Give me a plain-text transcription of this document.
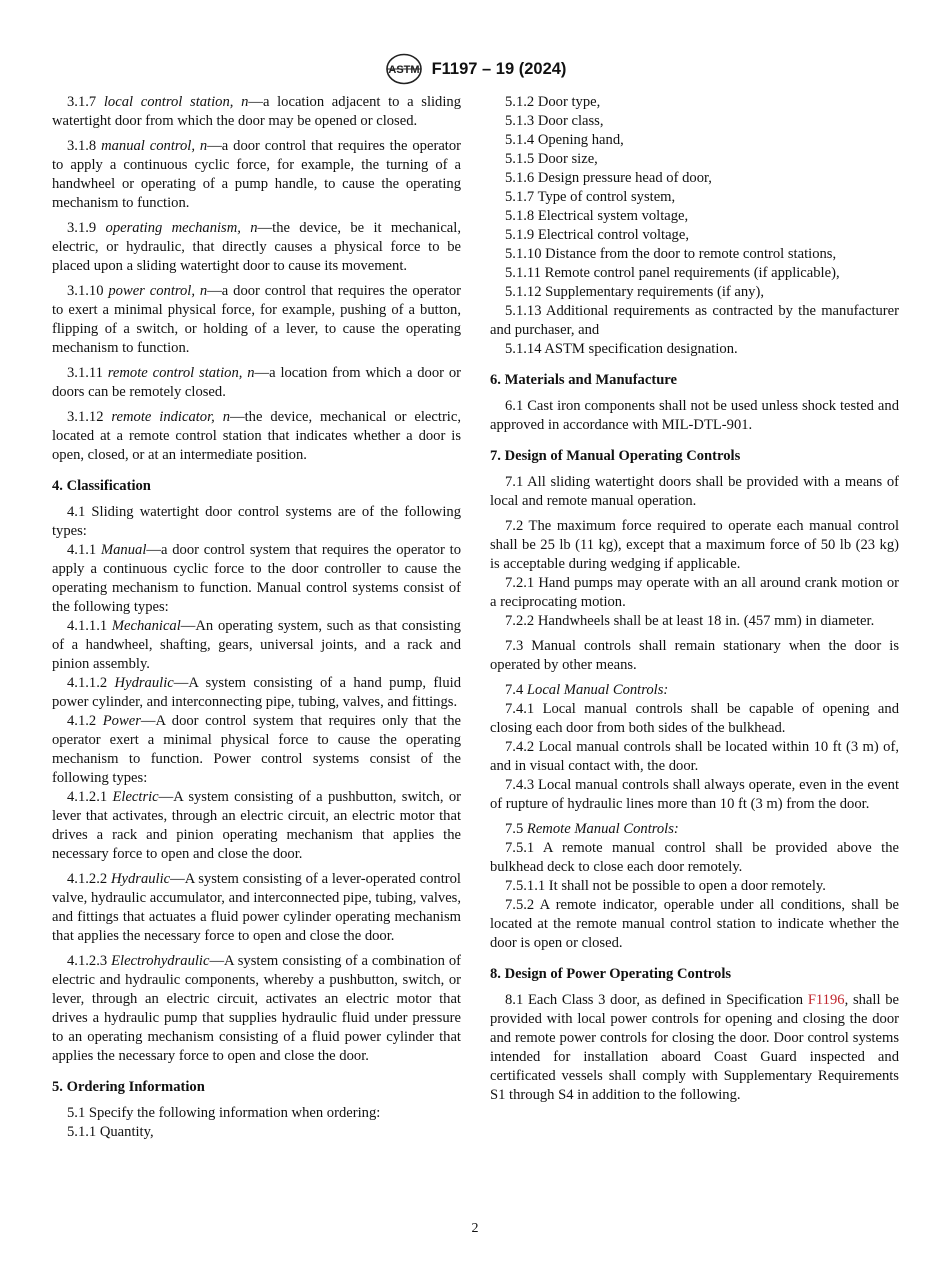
ASTM F1197 – 19 (2024)

3.1.7 local control station, n—a location adjacent to a sliding watertight door from which the door may be opened or closed.

3.1.8 manual control, n—a door control that requires the operator to apply a continuous cyclic force, for example, the turning of a handwheel or operating of a pump handle, to cause the operating mechanism to function.

3.1.9 operating mechanism, n—the device, be it mechanical, electric, or hydraulic, that directly causes a physical force to be placed upon a sliding watertight door to cause its movement.

3.1.10 power control, n—a door control that requires the operator to exert a minimal physical force, for example, pushing of a button, flipping of a switch, or holding of a lever, to cause the operating mechanism to function.

3.1.11 remote control station, n—a location from which a door or doors can be remotely closed.

3.1.12 remote indicator, n—the device, mechanical or electric, located at a remote control station that indicates whether a door is open, closed, or at an intermediate position.

4. Classification

4.1 Sliding watertight door control systems are of the following types:

4.1.1 Manual—a door control system that requires the operator to apply a continuous cyclic force to the door controller to cause the operating mechanism to function. Manual control systems consist of the following types:

4.1.1.1 Mechanical—An operating system, such as that consisting of a handwheel, shafting, gears, universal joints, and a rack and pinion assembly.

4.1.1.2 Hydraulic—A system consisting of a hand pump, fluid power cylinder, and interconnecting pipe, tubing, valves, and fittings.

4.1.2 Power—A door control system that requires only that the operator exert a minimal physical force to cause the operating mechanism to function. Power control systems consist of the following types:

4.1.2.1 Electric—A system consisting of a pushbutton, switch, or lever that activates, through an electric circuit, an electric motor that drives a rack and pinion operating mechanism that applies the necessary force to open and close the door.

4.1.2.2 Hydraulic—A system consisting of a lever-operated control valve, hydraulic accumulator, and interconnected pipe, tubing, valves, and fittings that actuates a fluid power cylinder operating mechanism that applies the necessary force to open and close the door.

4.1.2.3 Electrohydraulic—A system consisting of a combination of electric and hydraulic components, whereby a pushbutton, switch, or lever, through an electric circuit, activates an electric motor that drives a hydraulic pump that supplies hydraulic fluid under pressure to an operating mechanism consisting of a fluid power cylinder that applies the necessary force to open and close the door.

5. Ordering Information

5.1 Specify the following information when ordering:

5.1.1 Quantity,

5.1.2 Door type,

5.1.3 Door class,

5.1.4 Opening hand,

5.1.5 Door size,

5.1.6 Design pressure head of door,

5.1.7 Type of control system,

5.1.8 Electrical system voltage,

5.1.9 Electrical control voltage,

5.1.10 Distance from the door to remote control stations,

5.1.11 Remote control panel requirements (if applicable),

5.1.12 Supplementary requirements (if any),

5.1.13 Additional requirements as contracted by the manufacturer and purchaser, and

5.1.14 ASTM specification designation.

6. Materials and Manufacture

6.1 Cast iron components shall not be used unless shock tested and approved in accordance with MIL-DTL-901.

7. Design of Manual Operating Controls

7.1 All sliding watertight doors shall be provided with a means of local and remote manual operation.

7.2 The maximum force required to operate each manual control shall be 25 lb (11 kg), except that a maximum force of 50 lb (23 kg) is acceptable during wedging if applicable.

7.2.1 Hand pumps may operate with an all around crank motion or a reciprocating motion.

7.2.2 Handwheels shall be at least 18 in. (457 mm) in diameter.

7.3 Manual controls shall remain stationary when the door is operated by other means.

7.4 Local Manual Controls:

7.4.1 Local manual controls shall be capable of opening and closing each door from both sides of the bulkhead.

7.4.2 Local manual controls shall be located within 10 ft (3 m) of, and in visual contact with, the door.

7.4.3 Local manual controls shall always operate, even in the event of rupture of hydraulic lines more than 10 ft (3 m) from the door.

7.5 Remote Manual Controls:

7.5.1 A remote manual control shall be provided above the bulkhead deck to close each door remotely.

7.5.1.1 It shall not be possible to open a door remotely.

7.5.2 A remote indicator, operable under all conditions, shall be located at the remote manual control station to indicate whether the door is open or closed.

8. Design of Power Operating Controls

8.1 Each Class 3 door, as defined in Specification F1196, shall be provided with local power controls for opening and closing the door and remote power controls for closing the door. Door control systems intended for installation aboard Coast Guard inspected and certificated vessels shall comply with Supplementary Requirements S1 through S4 in addition to the following.

2
